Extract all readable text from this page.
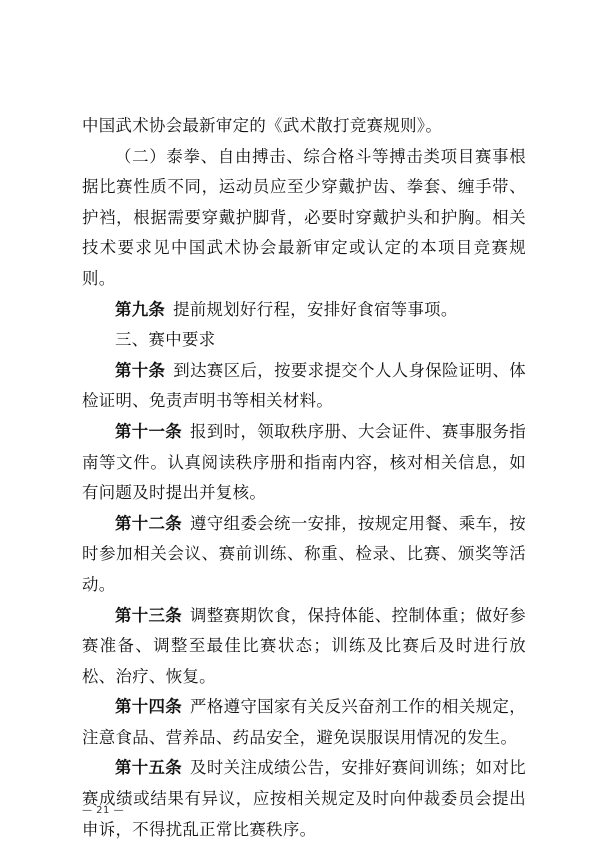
中国武术协会最新审定的《武术散打竞赛规则》。

（二）泰拳、自由搏击、综合格斗等搏击类项目赛事根据比赛性质不同，运动员应至少穿戴护齿、拳套、缠手带、护裆，根据需要穿戴护脚背，必要时穿戴护头和护胸。相关技术要求见中国武术协会最新审定或认定的本项目竞赛规则。

第九条 提前规划好行程，安排好食宿等事项。

三、赛中要求

第十条 到达赛区后，按要求提交个人人身保险证明、体检证明、免责声明书等相关材料。

第十一条 报到时，领取秩序册、大会证件、赛事服务指南等文件。认真阅读秩序册和指南内容，核对相关信息，如有问题及时提出并复核。

第十二条 遵守组委会统一安排，按规定用餐、乘车，按时参加相关会议、赛前训练、称重、检录、比赛、颁奖等活动。

第十三条 调整赛期饮食，保持体能、控制体重；做好参赛准备、调整至最佳比赛状态；训练及比赛后及时进行放松、治疗、恢复。

第十四条 严格遵守国家有关反兴奋剂工作的相关规定，注意食品、营养品、药品安全，避免误服误用情况的发生。

第十五条 及时关注成绩公告，安排好赛间训练；如对比赛成绩或结果有异议，应按相关规定及时向仲裁委员会提出申诉，不得扰乱正常比赛秩序。

— 21 —
